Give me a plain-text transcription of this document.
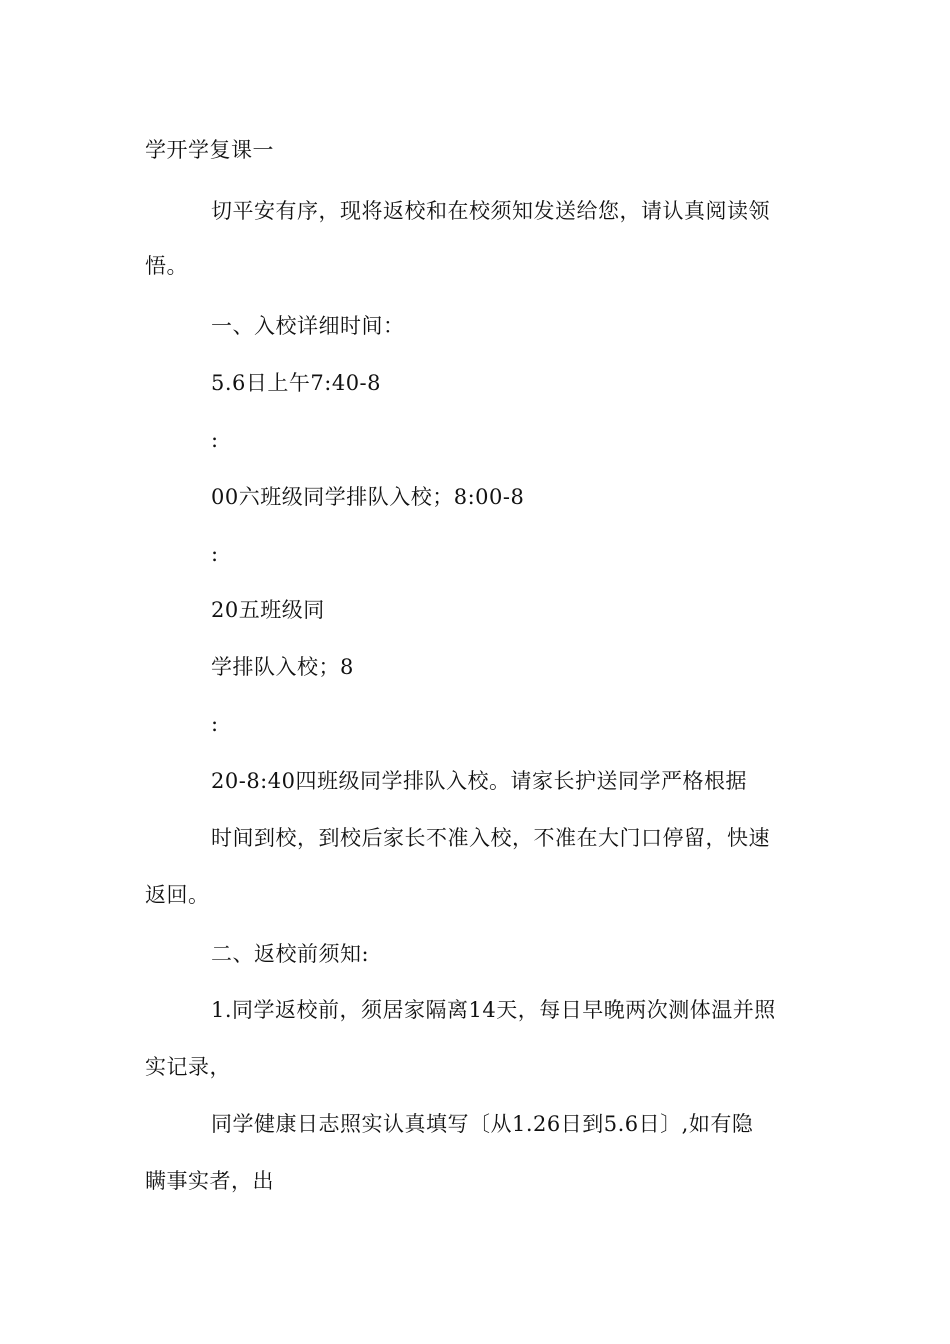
学开学复课一
切平安有序，现将返校和在校须知发送给您，请认真阅读领
悟。
一、入校详细时间：
5.6日上午7:40-8
:
00六班级同学排队入校；8:00-8
:
20五班级同
学排队入校；8
:
20-8:40四班级同学排队入校。请家长护送同学严格根据
时间到校，到校后家长不准入校，不准在大门口停留，快速
返回。
二、返校前须知:
1.同学返校前，须居家隔离14天，每日早晚两次测体温并照
实记录，
同学健康日志照实认真填写〔从1.26日到5.6日〕,如有隐
瞒事实者，出
